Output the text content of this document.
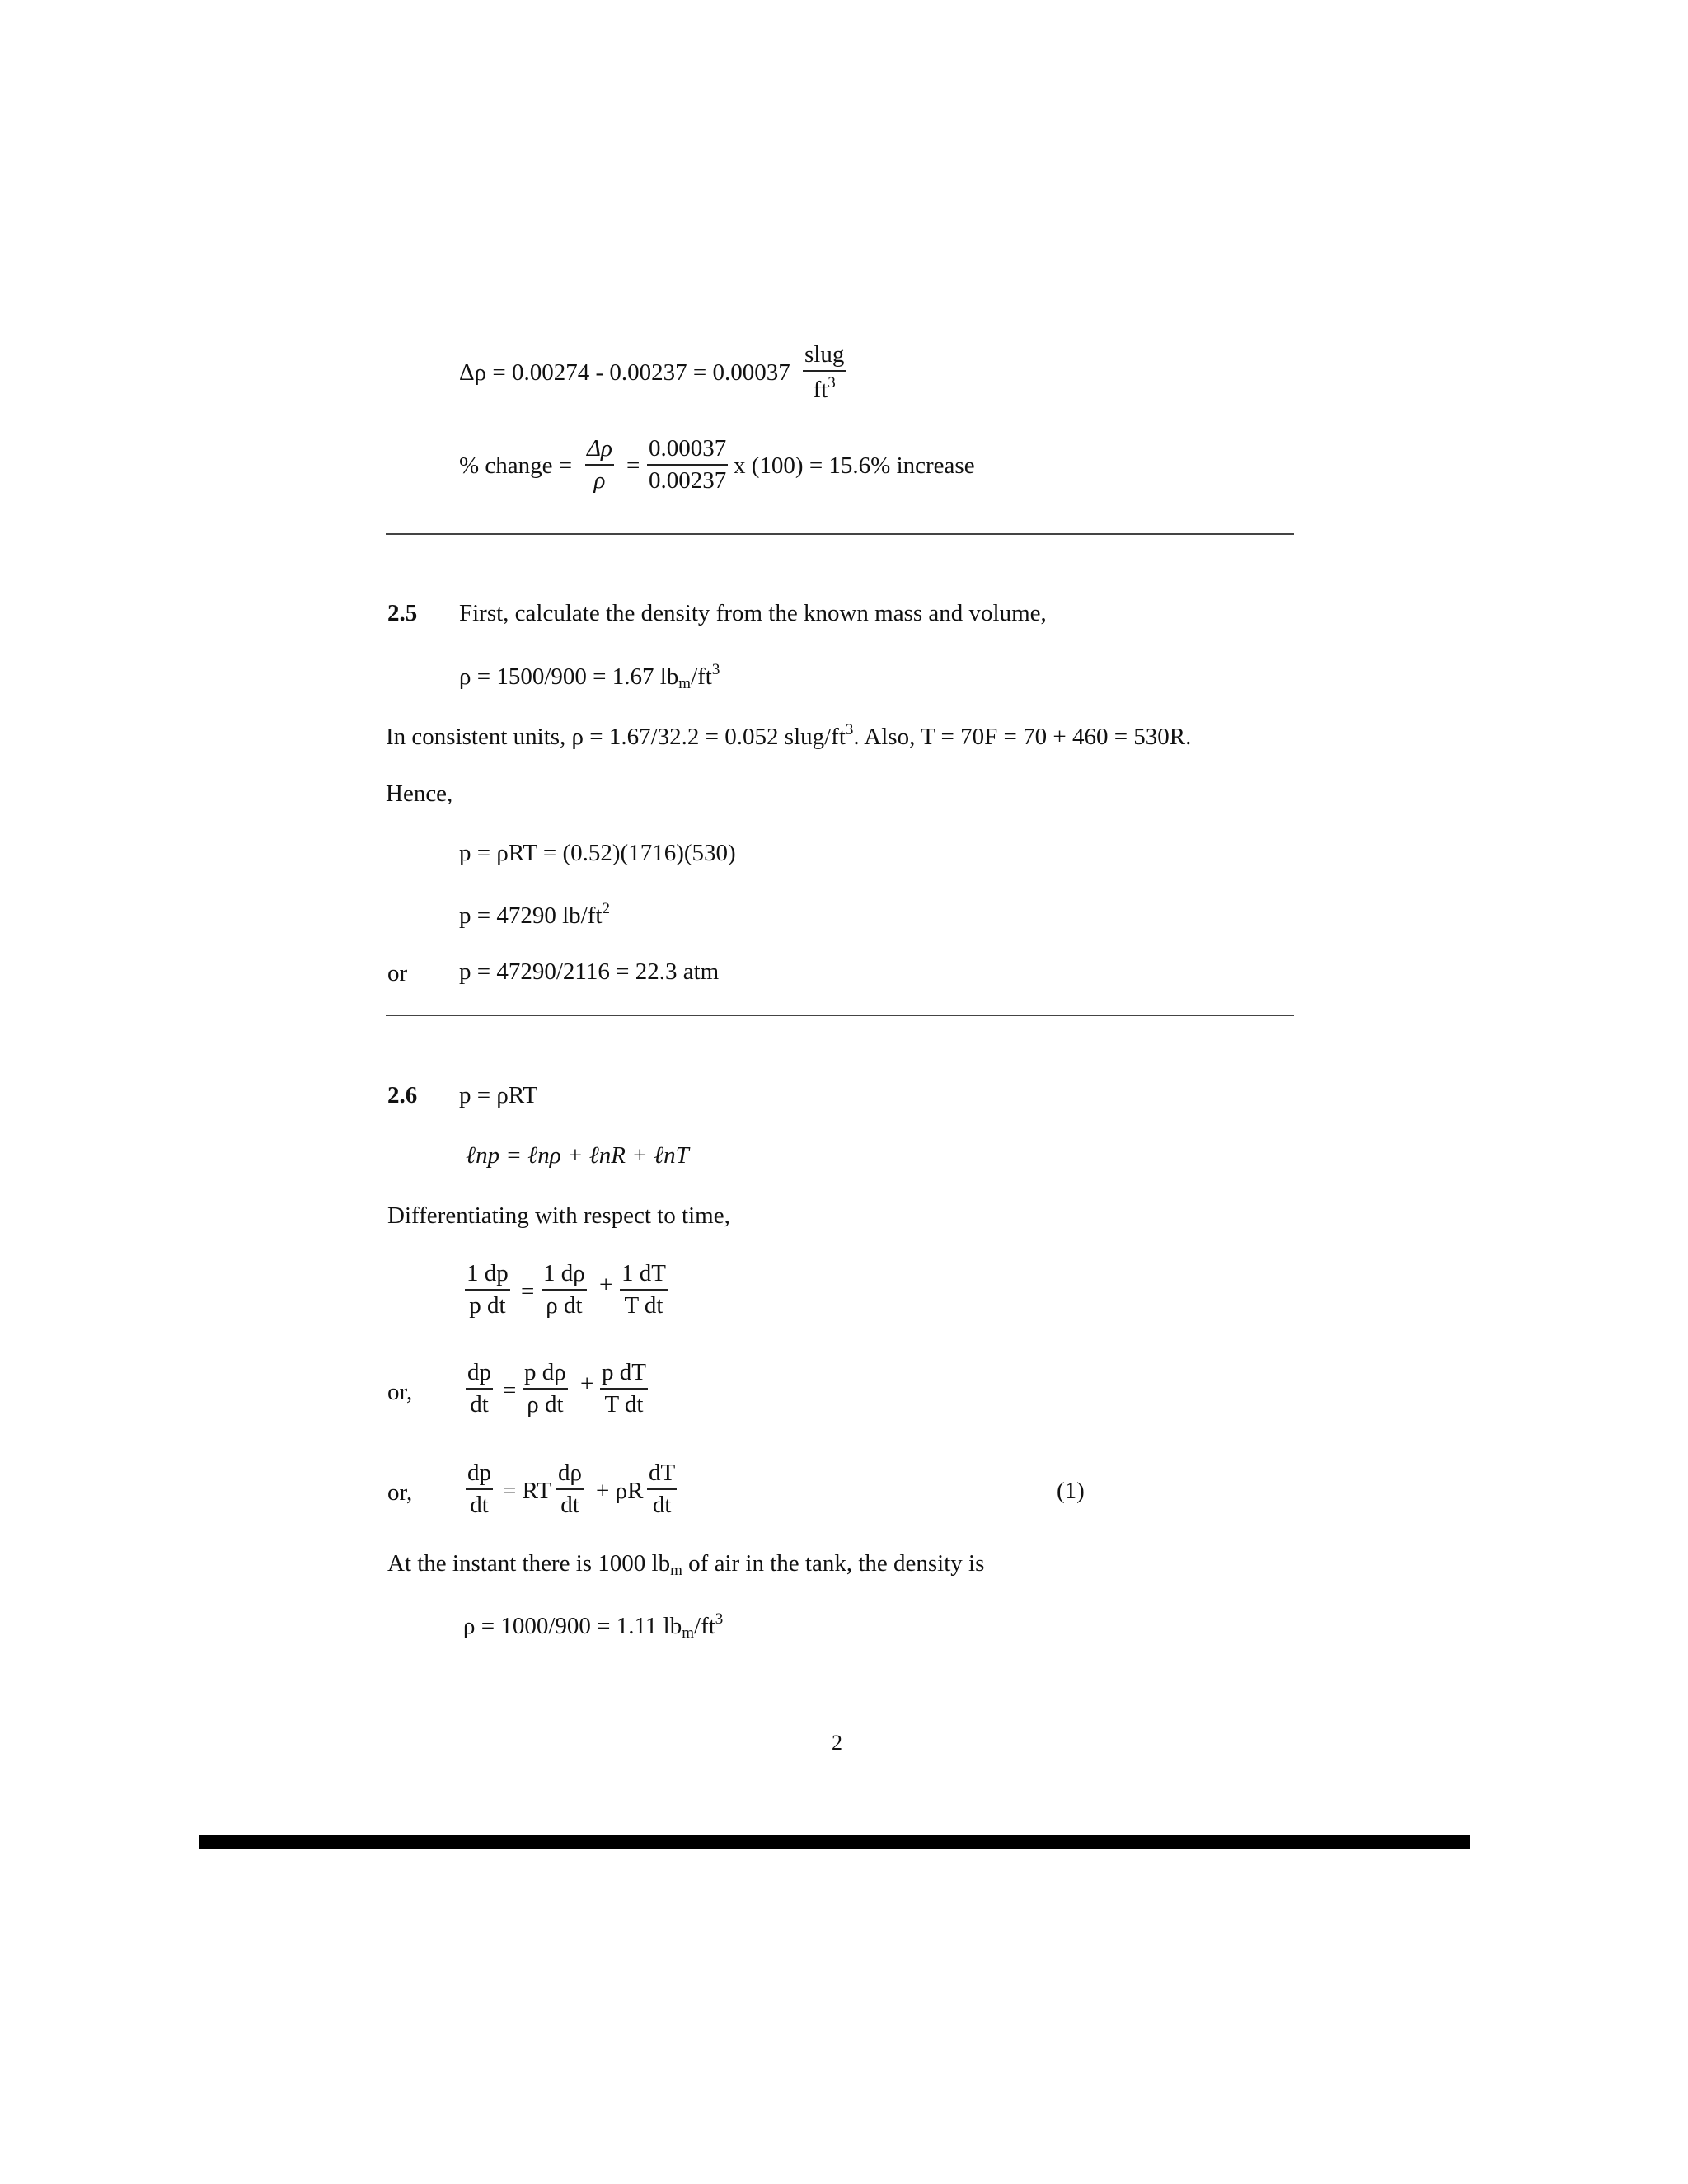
Δρ = 0.00274 - 0.00237 = 0.00037
slug
$ft^3$
% change =
Δρ
ρ
=
0.00037
0.00237
x (100) = 15.6% increase
2.5 First, calculate the density from the known mass and volume,
ρ = 1500/900 = 1.67 $lb_m/ft^3$
In consistent units, ρ = 1.67/32.2 = 0.052 slug/$ft^3$. Also, T = 70F = 70 + 460 = 530R.
Hence,
p = ρRT = (0.52)(1716)(530)
p = 47290 $lb/ft^2$
or p = 47290/2116 = 22.3 atm
2.6 p = ρRT
ℓnp = ℓnρ + ℓnR + ℓnT
Differentiating with respect to time,
1 dp
p dt
=
1 dρ
ρ dt
+ 1 dT
T dt
or,
dp
dt
=
p dρ
ρ dt
+ p dT
T dt
or,
dp
dt
= RT
dρ
dt
+ ρR
dT
dt
(1)
At the instant there is 1000 $lb_m$ of air in the tank, the density is
ρ = 1000/900 = 1.11 $lb_m/ft^3$
2
